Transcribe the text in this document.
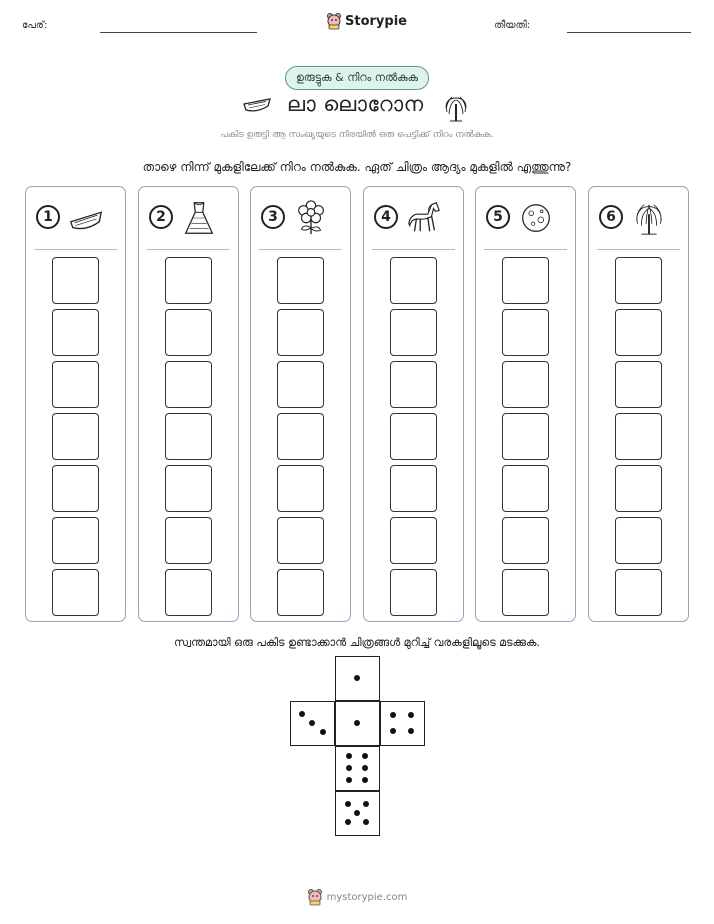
പേര്:	Storypie	തീയതി:
ഉരുട്ടുക & നിറം നൽകുക
ലാ ലൊറോന
പകിട ഉരുട്ടി ആ സംഖ്യയുടെ നിരയിൽ ഒരു പെട്ടിക്ക് നിറം നൽകുക.
താഴെ നിന്ന് മുകളിലേക്ക് നിറം നൽകുക. ഏത് ചിത്രം ആദ്യം മുകളിൽ എത്തുന്നു?
1	2	3	4	5	6
സ്വന്തമായി ഒരു പകിട ഉണ്ടാക്കാൻ ചിത്രങ്ങൾ മുറിച്ച് വരകളിലൂടെ മടക്കുക.
mystorypie.com
